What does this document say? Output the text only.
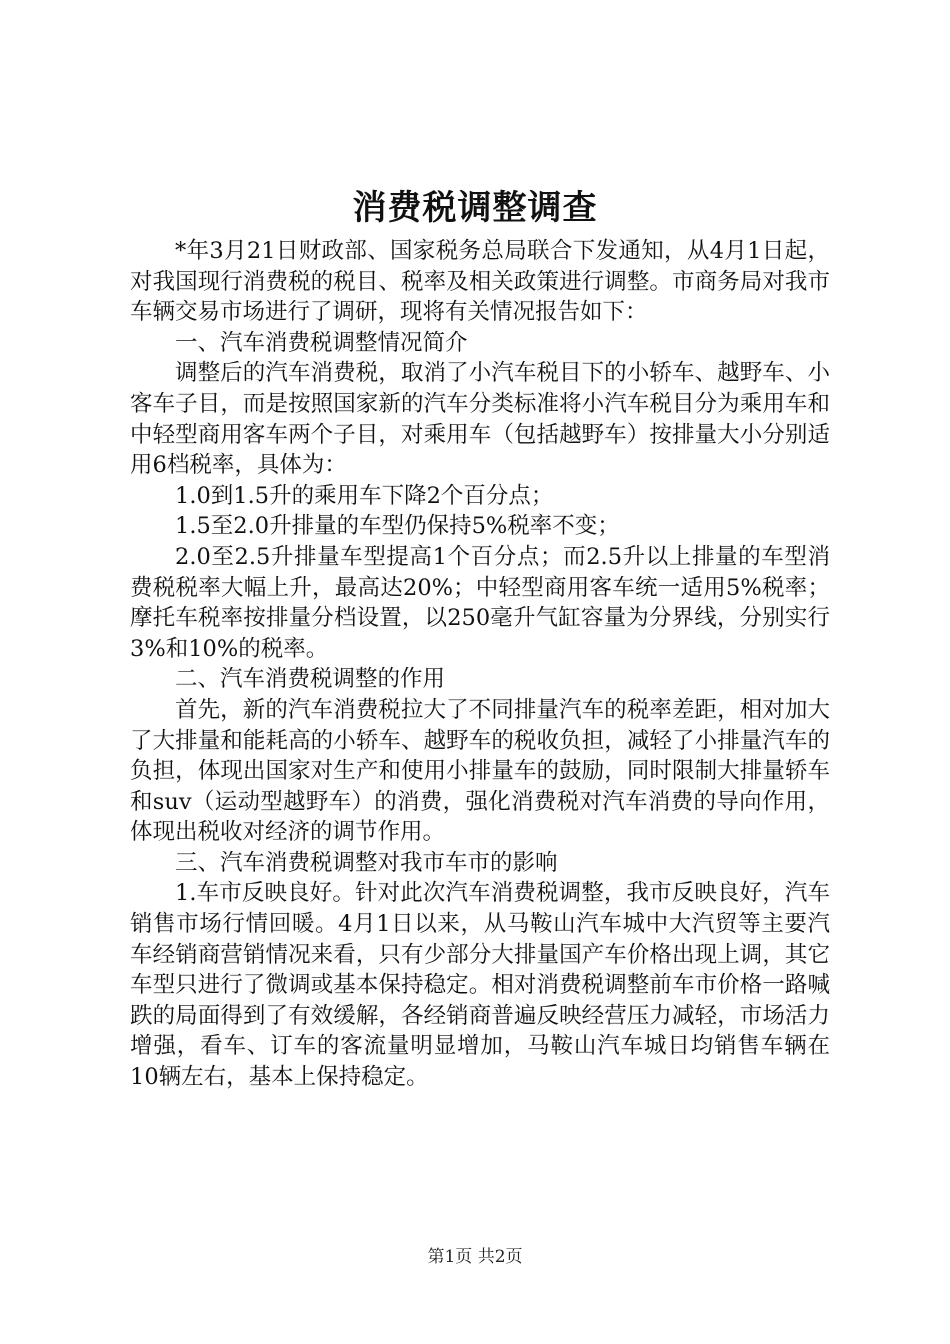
消费税调整调查

*年3月21日财政部、国家税务总局联合下发通知，从4月1日起，对我国现行消费税的税目、税率及相关政策进行调整。市商务局对我市车辆交易市场进行了调研，现将有关情况报告如下：

一、汽车消费税调整情况简介

调整后的汽车消费税，取消了小汽车税目下的小轿车、越野车、小客车子目，而是按照国家新的汽车分类标准将小汽车税目分为乘用车和中轻型商用客车两个子目，对乘用车（包括越野车）按排量大小分别适用6档税率，具体为：

1.0到1.5升的乘用车下降2个百分点；

1.5至2.0升排量的车型仍保持5%税率不变；

2.0至2.5升排量车型提高1个百分点；而2.5升以上排量的车型消费税税率大幅上升，最高达20%；中轻型商用客车统一适用5%税率；摩托车税率按排量分档设置，以250毫升气缸容量为分界线，分别实行3%和10%的税率。

二、汽车消费税调整的作用

首先，新的汽车消费税拉大了不同排量汽车的税率差距，相对加大了大排量和能耗高的小轿车、越野车的税收负担，减轻了小排量汽车的负担，体现出国家对生产和使用小排量车的鼓励，同时限制大排量轿车和suv（运动型越野车）的消费，强化消费税对汽车消费的导向作用，体现出税收对经济的调节作用。

三、汽车消费税调整对我市车市的影响

1.车市反映良好。针对此次汽车消费税调整，我市反映良好，汽车销售市场行情回暖。4月1日以来，从马鞍山汽车城中大汽贸等主要汽车经销商营销情况来看，只有少部分大排量国产车价格出现上调，其它车型只进行了微调或基本保持稳定。相对消费税调整前车市价格一路喊跌的局面得到了有效缓解，各经销商普遍反映经营压力减轻，市场活力增强，看车、订车的客流量明显增加，马鞍山汽车城日均销售车辆在10辆左右，基本上保持稳定。

第1页 共2页
